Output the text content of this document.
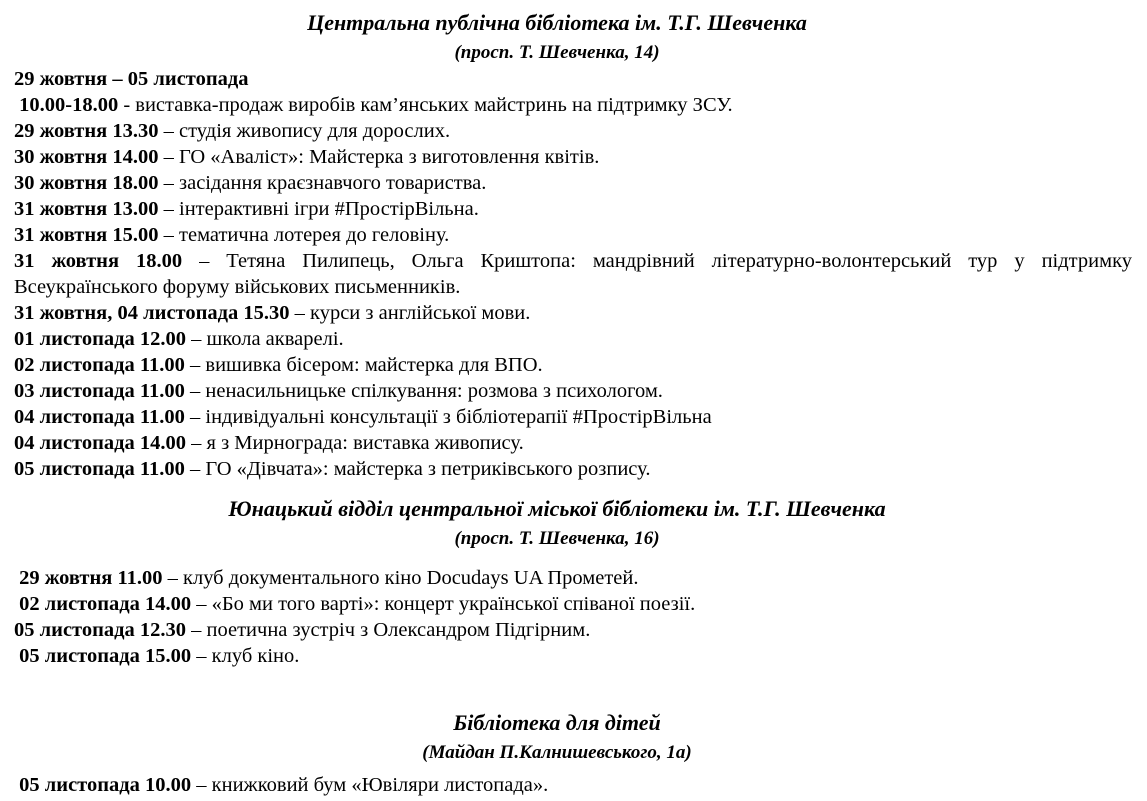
Центральна публічна бібліотека ім. Т.Г. Шевченка
(просп. Т. Шевченка, 14)

29 жовтня – 05 листопада

10.00-18.00 - виставка-продаж виробів кам’янських майстринь на підтримку ЗСУ.

29 жовтня 13.30 – студія живопису для дорослих.

30 жовтня 14.00 – ГО «Аваліст»: Майстерка з виготовлення квітів.

30 жовтня 18.00 – засідання краєзнавчого товариства.

31 жовтня 13.00 – інтерактивні ігри #ПростірВільна.

31 жовтня 15.00 – тематична лотерея до геловіну.

31 жовтня 18.00 – Тетяна Пилипець, Ольга Криштопа: мандрівний літературно-волонтерський тур у підтримку Всеукраїнського форуму військових письменників.

31 жовтня, 04 листопада 15.30 – курси з англійської мови.

01 листопада 12.00 – школа акварелі.

02 листопада 11.00 – вишивка бісером: майстерка для ВПО.

03 листопада 11.00 – ненасильницьке спілкування: розмова з психологом.

04 листопада 11.00 – індивідуальні консультації з бібліотерапії #ПростірВільна

04 листопада 14.00 – я з Мирнограда: виставка живопису.

05 листопада 11.00 – ГО «Дівчата»: майстерка з петриківського розпису.

Юнацький відділ центральної міської бібліотеки ім. Т.Г. Шевченка
(просп. Т. Шевченка, 16)

29 жовтня 11.00 – клуб документального кіно Docudays UA Прометей.

02 листопада 14.00 – «Бо ми того варті»: концерт української співаної поезії.

05 листопада 12.30 – поетична зустріч з Олександром Підгірним.

05 листопада 15.00 – клуб кіно.

Бібліотека для дітей
(Майдан П.Калнишевського, 1а)

05 листопада 10.00 – книжковий бум «Ювіляри листопада».
